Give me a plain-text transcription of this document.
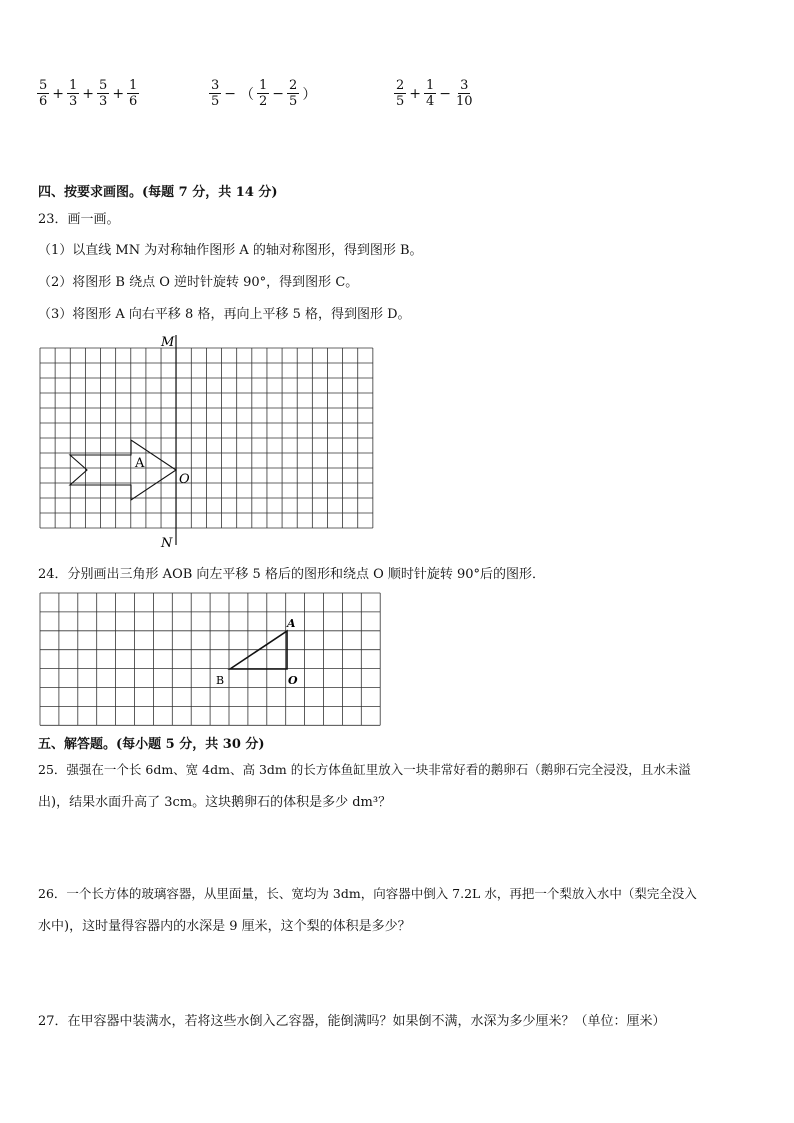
$\frac{5}{6} + \frac{1}{3} + \frac{5}{3} + \frac{1}{6}$	$\frac{3}{5}$ − （ $\frac{1}{2} - \frac{2}{5}$ ）	$\frac{2}{5} + \frac{1}{4} - \frac{3}{10}$
四、按要求画图。(每题 7 分，共 14 分)
23．画一画。
（1）以直线 MN 为对称轴作图形 A 的轴对称图形，得到图形 B。
（2）将图形 B 绕点 O 逆时针旋转 90°，得到图形 C。
（3）将图形 A 向右平移 8 格，再向上平移 5 格，得到图形 D。
M
N
O
A
24．分别画出三角形 AOB 向左平移 5 格后的图形和绕点 O 顺时针旋转 90°后的图形．
A
B	O
五、解答题。(每小题 5 分，共 30 分)
25．强强在一个长 6dm、宽 4dm、高 3dm 的长方体鱼缸里放入一块非常好看的鹅卵石（鹅卵石完全浸没，且水未溢
出)，结果水面升高了 3cm。这块鹅卵石的体积是多少 dm³？
26．一个长方体的玻璃容器，从里面量，长、宽均为 3dm，向容器中倒入 7.2L 水，再把一个梨放入水中（梨完全没入
水中)，这时量得容器内的水深是 9 厘米，这个梨的体积是多少？
27．在甲容器中装满水，若将这些水倒入乙容器，能倒满吗？如果倒不满，水深为多少厘米？（单位：厘米）
